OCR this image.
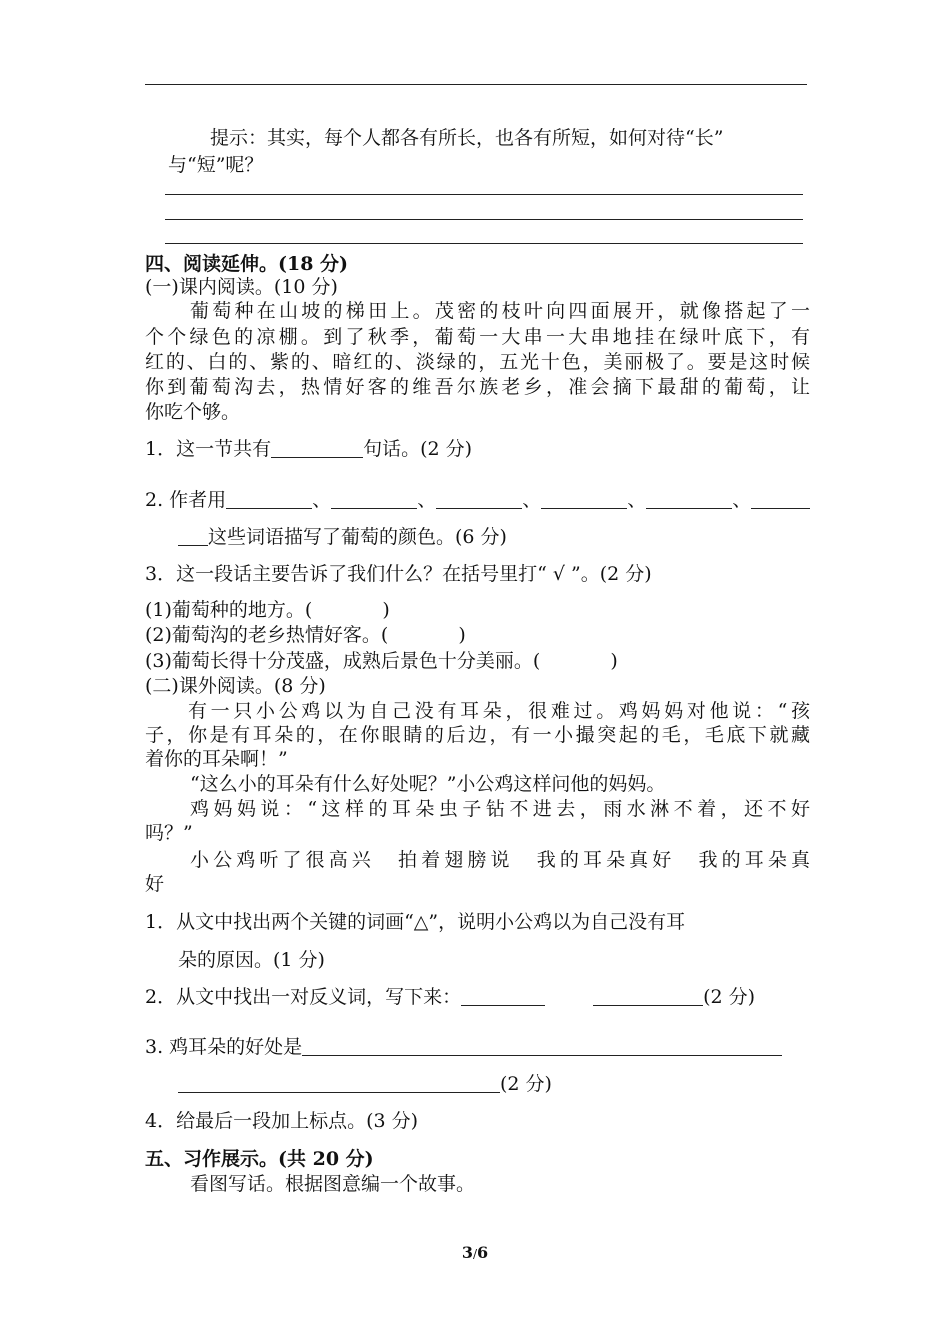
提示：其实，每个人都各有所长，也各有所短，如何对待“长”
与“短”呢？
四、阅读延伸。(18 分)
(一)课内阅读。(10 分)
葡萄种在山坡的梯田上。茂密的枝叶向四面展开，就像搭起了一
个个绿色的凉棚。到了秋季，葡萄一大串一大串地挂在绿叶底下，有
红的、白的、紫的、暗红的、淡绿的，五光十色，美丽极了。要是这时候
你到葡萄沟去，热情好客的维吾尔族老乡，准会摘下最甜的葡萄，让
你吃个够。
1．这一节共有	句话。(2 分)
2. 作者用	、	、	、	、	、
这些词语描写了葡萄的颜色。(6 分)
3．这一段话主要告诉了我们什么？在括号里打“ √ ”。(2 分)
(1)葡萄种的地方。(	)
(2)葡萄沟的老乡热情好客。(	)
(3)葡萄长得十分茂盛，成熟后景色十分美丽。(	)
(二)课外阅读。(8 分)
有一只小公鸡以为自己没有耳朵，很难过。鸡妈妈对他说：“孩
子，你是有耳朵的，在你眼睛的后边，有一小撮突起的毛，毛底下就藏
着你的耳朵啊！”
“这么小的耳朵有什么好处呢？”小公鸡这样问他的妈妈。
鸡妈妈说：“这样的耳朵虫子钻不进去，雨水淋不着，还不好
吗？”
小公鸡听了很高兴　拍着翅膀说　我的耳朵真好　我的耳朵真
好
1．从文中找出两个关键的词画“△”，说明小公鸡以为自己没有耳
朵的原因。(1 分)
2．从文中找出一对反义词，写下来：	(2 分)
3. 鸡耳朵的好处是
(2 分)
4．给最后一段加上标点。(3 分)
五、习作展示。(共 20 分)
看图写话。根据图意编一个故事。
3/6
